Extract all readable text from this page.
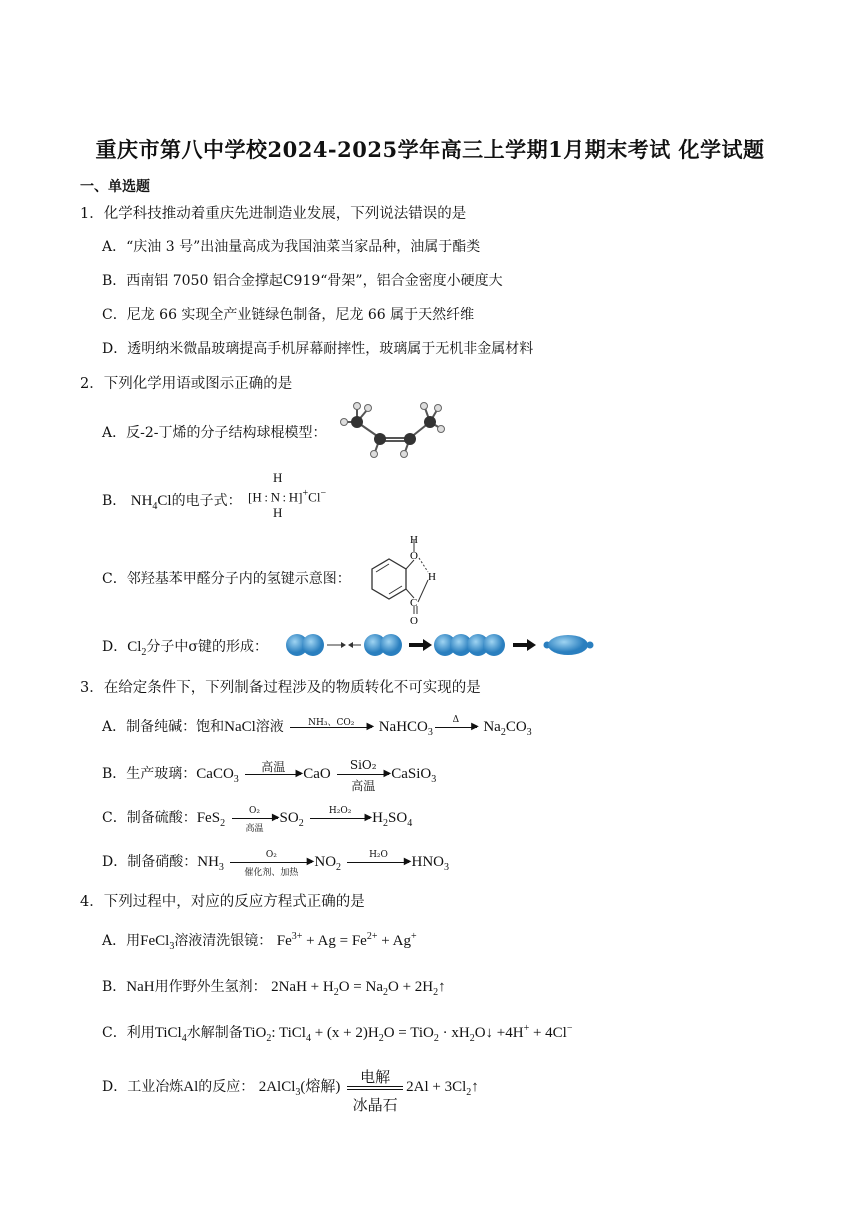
重庆市第八中学校2024-2025学年高三上学期1月期末考试 化学试题
一、单选题
1．化学科技推动着重庆先进制造业发展，下列说法错误的是
A．“庆油 3 号”出油量高成为我国油菜当家品种，油属于酯类
B．西南铝 7050 铝合金撑起C919“骨架”，铝合金密度小硬度大
C．尼龙 66 实现全产业链绿色制备，尼龙 66 属于天然纤维
D．透明纳米微晶玻璃提高手机屏幕耐摔性，玻璃属于无机非金属材料
2．下列化学用语或图示正确的是
A．反-2-丁烯的分子结构球棍模型：
B． $NH_4Cl$的电子式：
H
[H : N : H]+Cl−
H
C．邻羟基苯甲醛分子内的氢键示意图：
H
O
H
C
O
D．$Cl_2$分子中σ键的形成：
3．在给定条件下，下列制备过程涉及的物质转化不可实现的是
A．制备纯碱：饱和NaCl溶液	NH₃、CO₂	▶ NaHCO$_3$
Δ
▶ $Na_2CO_3$
B．生产玻璃：CaCO$_3$
高温	▶ CaO
SiO₂
▶
高温
CaSiO$_3$
C．制备硫酸：FeS$_2$
O₂
▶
高温
$SO_2$
H₂O₂
▶ $H_2SO_4$
D．制备硝酸：$NH_3$
O₂
▶
催化剂、加热
$NO_2$
H₂O
▶ $HNO_3$
4．下列过程中，对应的反应方程式正确的是
A．用FeCl$_3$溶液清洗银镜： $Fe^{3+} + Ag = Fe^{2+} + Ag^+$
B．NaH用作野外生氢剂： $2NaH + H_2O = Na_2O$ + $2H_2↑$
C．利用TiCl$_4$水解制备TiO$_2$: TiCl$_4$ + $(x + 2)H_2O = TiO_2$ · $xH_2O↓ +4H^+ + 4Cl^-$
D．工业冶炼Al的反应： 2AlCl$_3$(熔解)
电解
冰晶石
$2Al + 3Cl_2↑$
